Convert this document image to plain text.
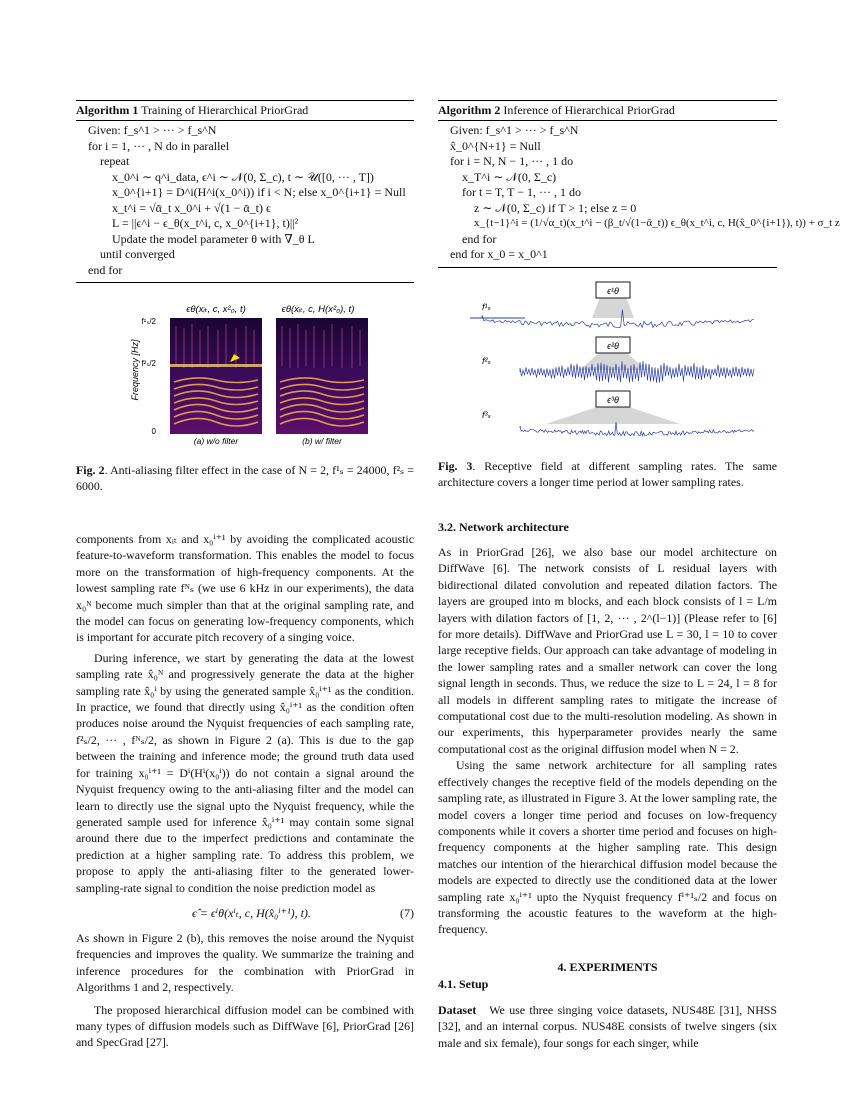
Algorithm 1 Training of Hierarchical PriorGrad
Given: f_s^1 > ··· > f_s^N
for i = 1, ··· , N do in parallel
repeat
x_0^i ∼ q^i_data, ϵ^i ∼ 𝒩(0, Σ_c), t ∼ 𝒰([0, ··· , T])
x_0^{i+1} = D^i(H^i(x_0^i)) if i < N; else x_0^{i+1} = Null
x_t^i = √ᾱ_t x_0^i + √(1 − ᾱ_t) ϵ
L = ||ϵ^i − ϵ_θ(x_t^i, c, x_0^{i+1}, t)||²
Update the model parameter θ with ∇_θ L
until converged
end for
Algorithm 2 Inference of Hierarchical PriorGrad
Given: f_s^1 > ··· > f_s^N
x̂_0^{N+1} = Null
for i = N, N − 1, ··· , 1 do
x_T^i ∼ 𝒩(0, Σ_c)
for t = T, T − 1, ··· , 1 do
z ∼ 𝒩(0, Σ_c) if T > 1; else z = 0
x_{t−1}^i = (1/√α_t)(x_t^i − (β_t/√(1−ᾱ_t)) ϵ_θ(x_t^i, c, H(x̂_0^{i+1}), t)) + σ_t z
end for
end for x_0 = x_0^1
ϵθ(xᵢₜ, c, x²₀, t)	ϵθ(xᵢₜ, c, H(x²₀), t)
Frequency [Hz]
f¹ₛ/2
f²ₛ/2
0
(a) w/o filter	(b) w/ filter
Fig. 2. Anti-aliasing filter effect in the case of N = 2, f¹ₛ = 24000, f²ₛ = 6000.
ϵ¹θ
ϵ²θ
ϵ³θ
f¹ₛ
f²ₛ
f³ₛ
Fig. 3. Receptive field at different sampling rates. The same architecture covers a longer time period at lower sampling rates.

components from xᵢₜ and x₀ⁱ⁺¹ by avoiding the complicated acoustic feature-to-waveform transformation. This enables the model to focus more on the transformation of high-frequency components. At the lowest sampling rate fᴺₛ (we use 6 kHz in our experiments), the data x₀ᴺ become much simpler than that at the original sampling rate, and the model can focus on generating low-frequency components, which is important for accurate pitch recovery of a singing voice.

During inference, we start by generating the data at the lowest sampling rate x̂₀ᴺ and progressively generate the data at the higher sampling rate x̂₀ⁱ by using the generated sample x̂₀ⁱ⁺¹ as the condition. In practice, we found that directly using x̂₀ⁱ⁺¹ as the condition often produces noise around the Nyquist frequencies of each sampling rate, f²ₛ/2, ··· , fᴺₛ/2, as shown in Figure 2 (a). This is due to the gap between the training and inference mode; the ground truth data used for training x₀ⁱ⁺¹ = Dⁱ(Hⁱ(x₀ⁱ)) do not contain a signal around the Nyquist frequency owing to the anti-aliasing filter and the model can learn to directly use the signal upto the Nyquist frequency, while the generated sample used for inference x̂₀ⁱ⁺¹ may contain some signal around there due to the imperfect predictions and contaminate the prediction at a higher sampling rate. To address this problem, we propose to apply the anti-aliasing filter to the generated lower-sampling-rate signal to condition the noise prediction model as

ϵ̂ = ϵⁱθ(xⁱₜ, c, H(x̂₀ⁱ⁺¹), t).	(7)

As shown in Figure 2 (b), this removes the noise around the Nyquist frequencies and improves the quality. We summarize the training and inference procedures for the combination with PriorGrad in Algorithms 1 and 2, respectively.

The proposed hierarchical diffusion model can be combined with many types of diffusion models such as DiffWave [6], PriorGrad [26] and SpecGrad [27].

3.2. Network architecture

As in PriorGrad [26], we also base our model architecture on DiffWave [6]. The network consists of L residual layers with bidirectional dilated convolution and repeated dilation factors. The layers are grouped into m blocks, and each block consists of l = L/m layers with dilation factors of [1, 2, ··· , 2^(l−1)] (Please refer to [6] for more details). DiffWave and PriorGrad use L = 30, l = 10 to cover large receptive fields. Our approach can take advantage of modeling in the lower sampling rates and a smaller network can cover the long signal length in seconds. Thus, we reduce the size to L = 24, l = 8 for all models in different sampling rates to mitigate the increase of computational cost due to the multi-resolution modeling. As shown in our experiments, this hyperparameter provides nearly the same computational cost as the original diffusion model when N = 2.

Using the same network architecture for all sampling rates effectively changes the receptive field of the models depending on the sampling rate, as illustrated in Figure 3. At the lower sampling rate, the model covers a longer time period and focuses on low-frequency components while it covers a shorter time period and focuses on high-frequency components at the higher sampling rate. This design matches our intention of the hierarchical diffusion model because the models are expected to directly use the conditioned data at the lower sampling rate x₀ⁱ⁺¹ upto the Nyquist frequency fⁱ⁺¹ₛ/2 and focus on transforming the acoustic features to the waveform at the high-frequency.

4. EXPERIMENTS
4.1. Setup

Dataset We use three singing voice datasets, NUS48E [31], NHSS [32], and an internal corpus. NUS48E consists of twelve singers (six male and six female), four songs for each singer, while
